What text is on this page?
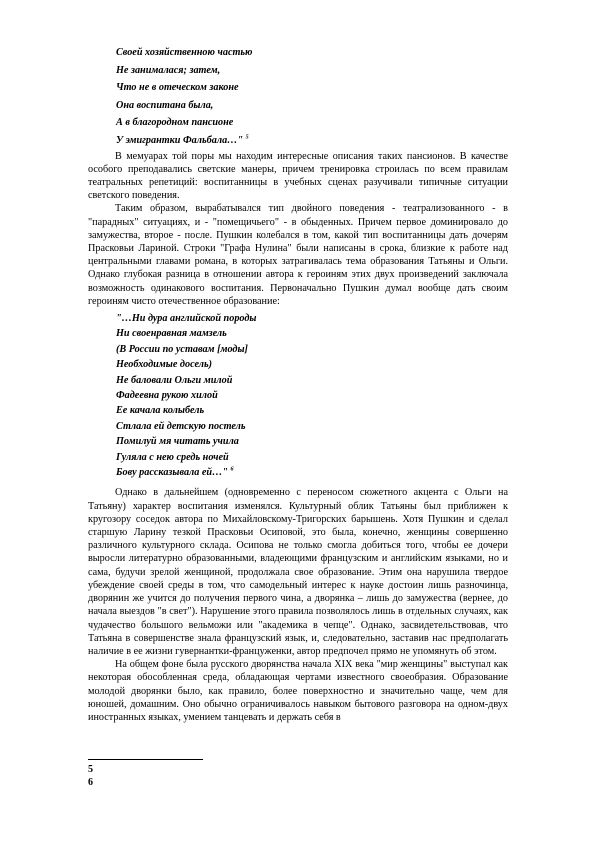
Своей хозяйственною частью
Не занималася; затем,
Что не в отеческом законе
Она воспитана была,
А в благородном пансионе
У эмигрантки Фальбала…" $^5$

В мемуарах той поры мы находим интересные описания таких пансионов. В качестве особого преподавались светские манеры, причем тренировка строилась по всем правилам театральных репетиций: воспитанницы в учебных сценах разучивали типичные ситуации светского поведения.

Таким образом, вырабатывался тип двойного поведения - театрализованного - в "парадных" ситуациях, и - "помещичьего" - в обыденных. Причем первое доминировало до замужества, второе - после. Пушкин колебался в том, какой тип воспитанницы дать дочерям Прасковьи Лариной. Строки "Графа Нулина" были написаны в срока, близкие к работе над центральными главами романа, в которых затрагивалась тема образования Татьяны и Ольги. Однако глубокая разница в отношении автора к героиням этих двух произведений заключала возможность одинакового воспитания. Первоначально Пушкин думал вообще дать своим героиням чисто отечественное образование:

"…Ни дура английской породы
Ни своенравная мамзель
(В России по уставам [моды]
Необходимые досель)
Не баловали Ольги милой
Фадеевна рукою хилой
Ее качала колыбель
Стлала ей детскую постель
Помилуй мя читать учила
Гуляла с нею средь ночей
Бову рассказывала ей…" $^6$

Однако в дальнейшем (одновременно с переносом сюжетного акцента с Ольги на Татьяну) характер воспитания изменялся. Культурный облик Татьяны был приближен к кругозору соседок автора по Михайловскому-Тригорских барышень. Хотя Пушкин и сделал старшую Ларину тезкой Прасковьи Осиповой, это была, конечно, женщины совершенно различного культурного склада. Осипова не только смогла добиться того, чтобы ее дочери выросли литературно образованными, владеющими французским и английским языками, но и сама, будучи зрелой женщиной, продолжала свое образование. Этим она нарушила твердое убеждение своей среды в том, что самодельный интерес к науке достоин лишь разночинца, дворянин же учится до получения первого чина, а дворянка – лишь до замужества (вернее, до начала выездов "в свет"). Нарушение этого правила позволялось лишь в отдельных случаях, как чудачество большого вельможи или "академика в чепце". Однако, засвидетельствовав, что Татьяна в совершенстве знала французский язык, и, следовательно, заставив нас предполагать наличие в ее жизни гувернантки-француженки, автор предпочел прямо не упомянуть об этом.

На общем фоне была русского дворянства начала XIX века "мир женщины" выступал как некоторая обособленная среда, обладающая чертами известного своеобразия. Образование молодой дворянки было, как правило, более поверхностно и значительно чаще, чем для юношей, домашним. Оно обычно ограничивалось навыком бытового разговора на одном-двух иностранных языках, умением танцевать и держать себя в

5
6
